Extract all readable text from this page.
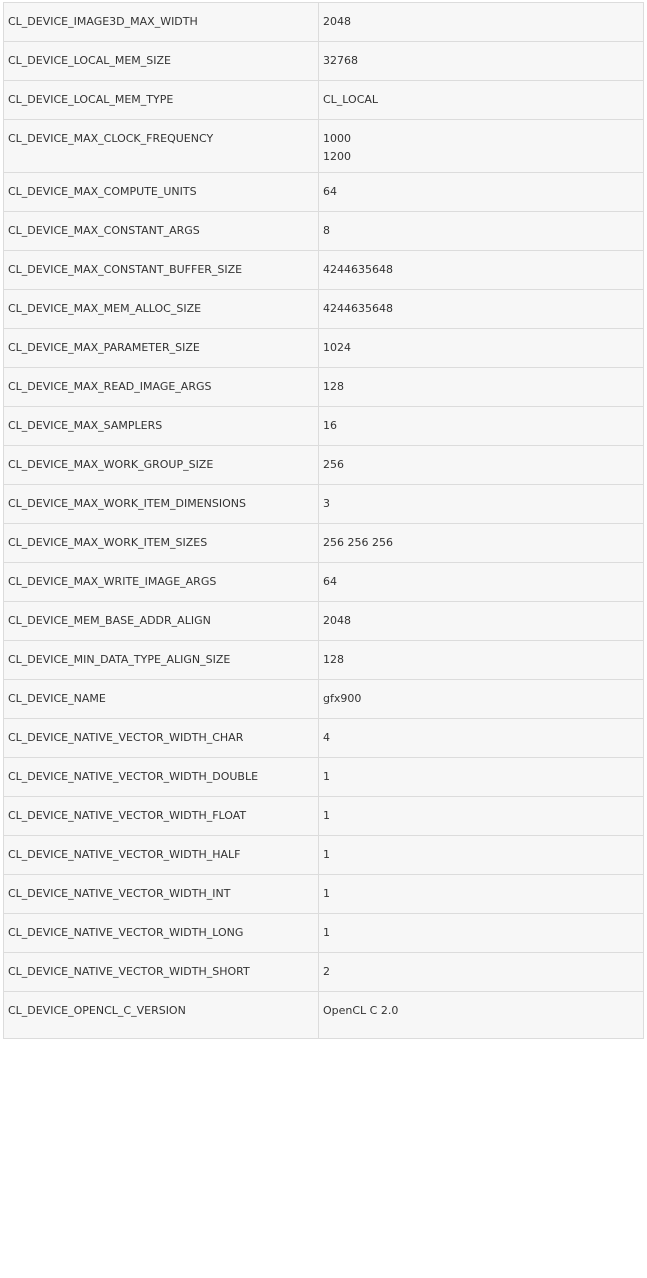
CL_DEVICE_IMAGE3D_MAX_WIDTH	2048
CL_DEVICE_LOCAL_MEM_SIZE	32768
CL_DEVICE_LOCAL_MEM_TYPE	CL_LOCAL
CL_DEVICE_MAX_CLOCK_FREQUENCY	1000
1200

CL_DEVICE_MAX_COMPUTE_UNITS	64
CL_DEVICE_MAX_CONSTANT_ARGS	8
CL_DEVICE_MAX_CONSTANT_BUFFER_SIZE	4244635648
CL_DEVICE_MAX_MEM_ALLOC_SIZE	4244635648
CL_DEVICE_MAX_PARAMETER_SIZE	1024
CL_DEVICE_MAX_READ_IMAGE_ARGS	128
CL_DEVICE_MAX_SAMPLERS	16
CL_DEVICE_MAX_WORK_GROUP_SIZE	256
CL_DEVICE_MAX_WORK_ITEM_DIMENSIONS	3
CL_DEVICE_MAX_WORK_ITEM_SIZES	256 256 256
CL_DEVICE_MAX_WRITE_IMAGE_ARGS	64
CL_DEVICE_MEM_BASE_ADDR_ALIGN	2048
CL_DEVICE_MIN_DATA_TYPE_ALIGN_SIZE	128
CL_DEVICE_NAME	gfx900
CL_DEVICE_NATIVE_VECTOR_WIDTH_CHAR	4
CL_DEVICE_NATIVE_VECTOR_WIDTH_DOUBLE	1
CL_DEVICE_NATIVE_VECTOR_WIDTH_FLOAT	1
CL_DEVICE_NATIVE_VECTOR_WIDTH_HALF	1
CL_DEVICE_NATIVE_VECTOR_WIDTH_INT	1
CL_DEVICE_NATIVE_VECTOR_WIDTH_LONG	1
CL_DEVICE_NATIVE_VECTOR_WIDTH_SHORT	2
CL_DEVICE_OPENCL_C_VERSION	OpenCL C 2.0
